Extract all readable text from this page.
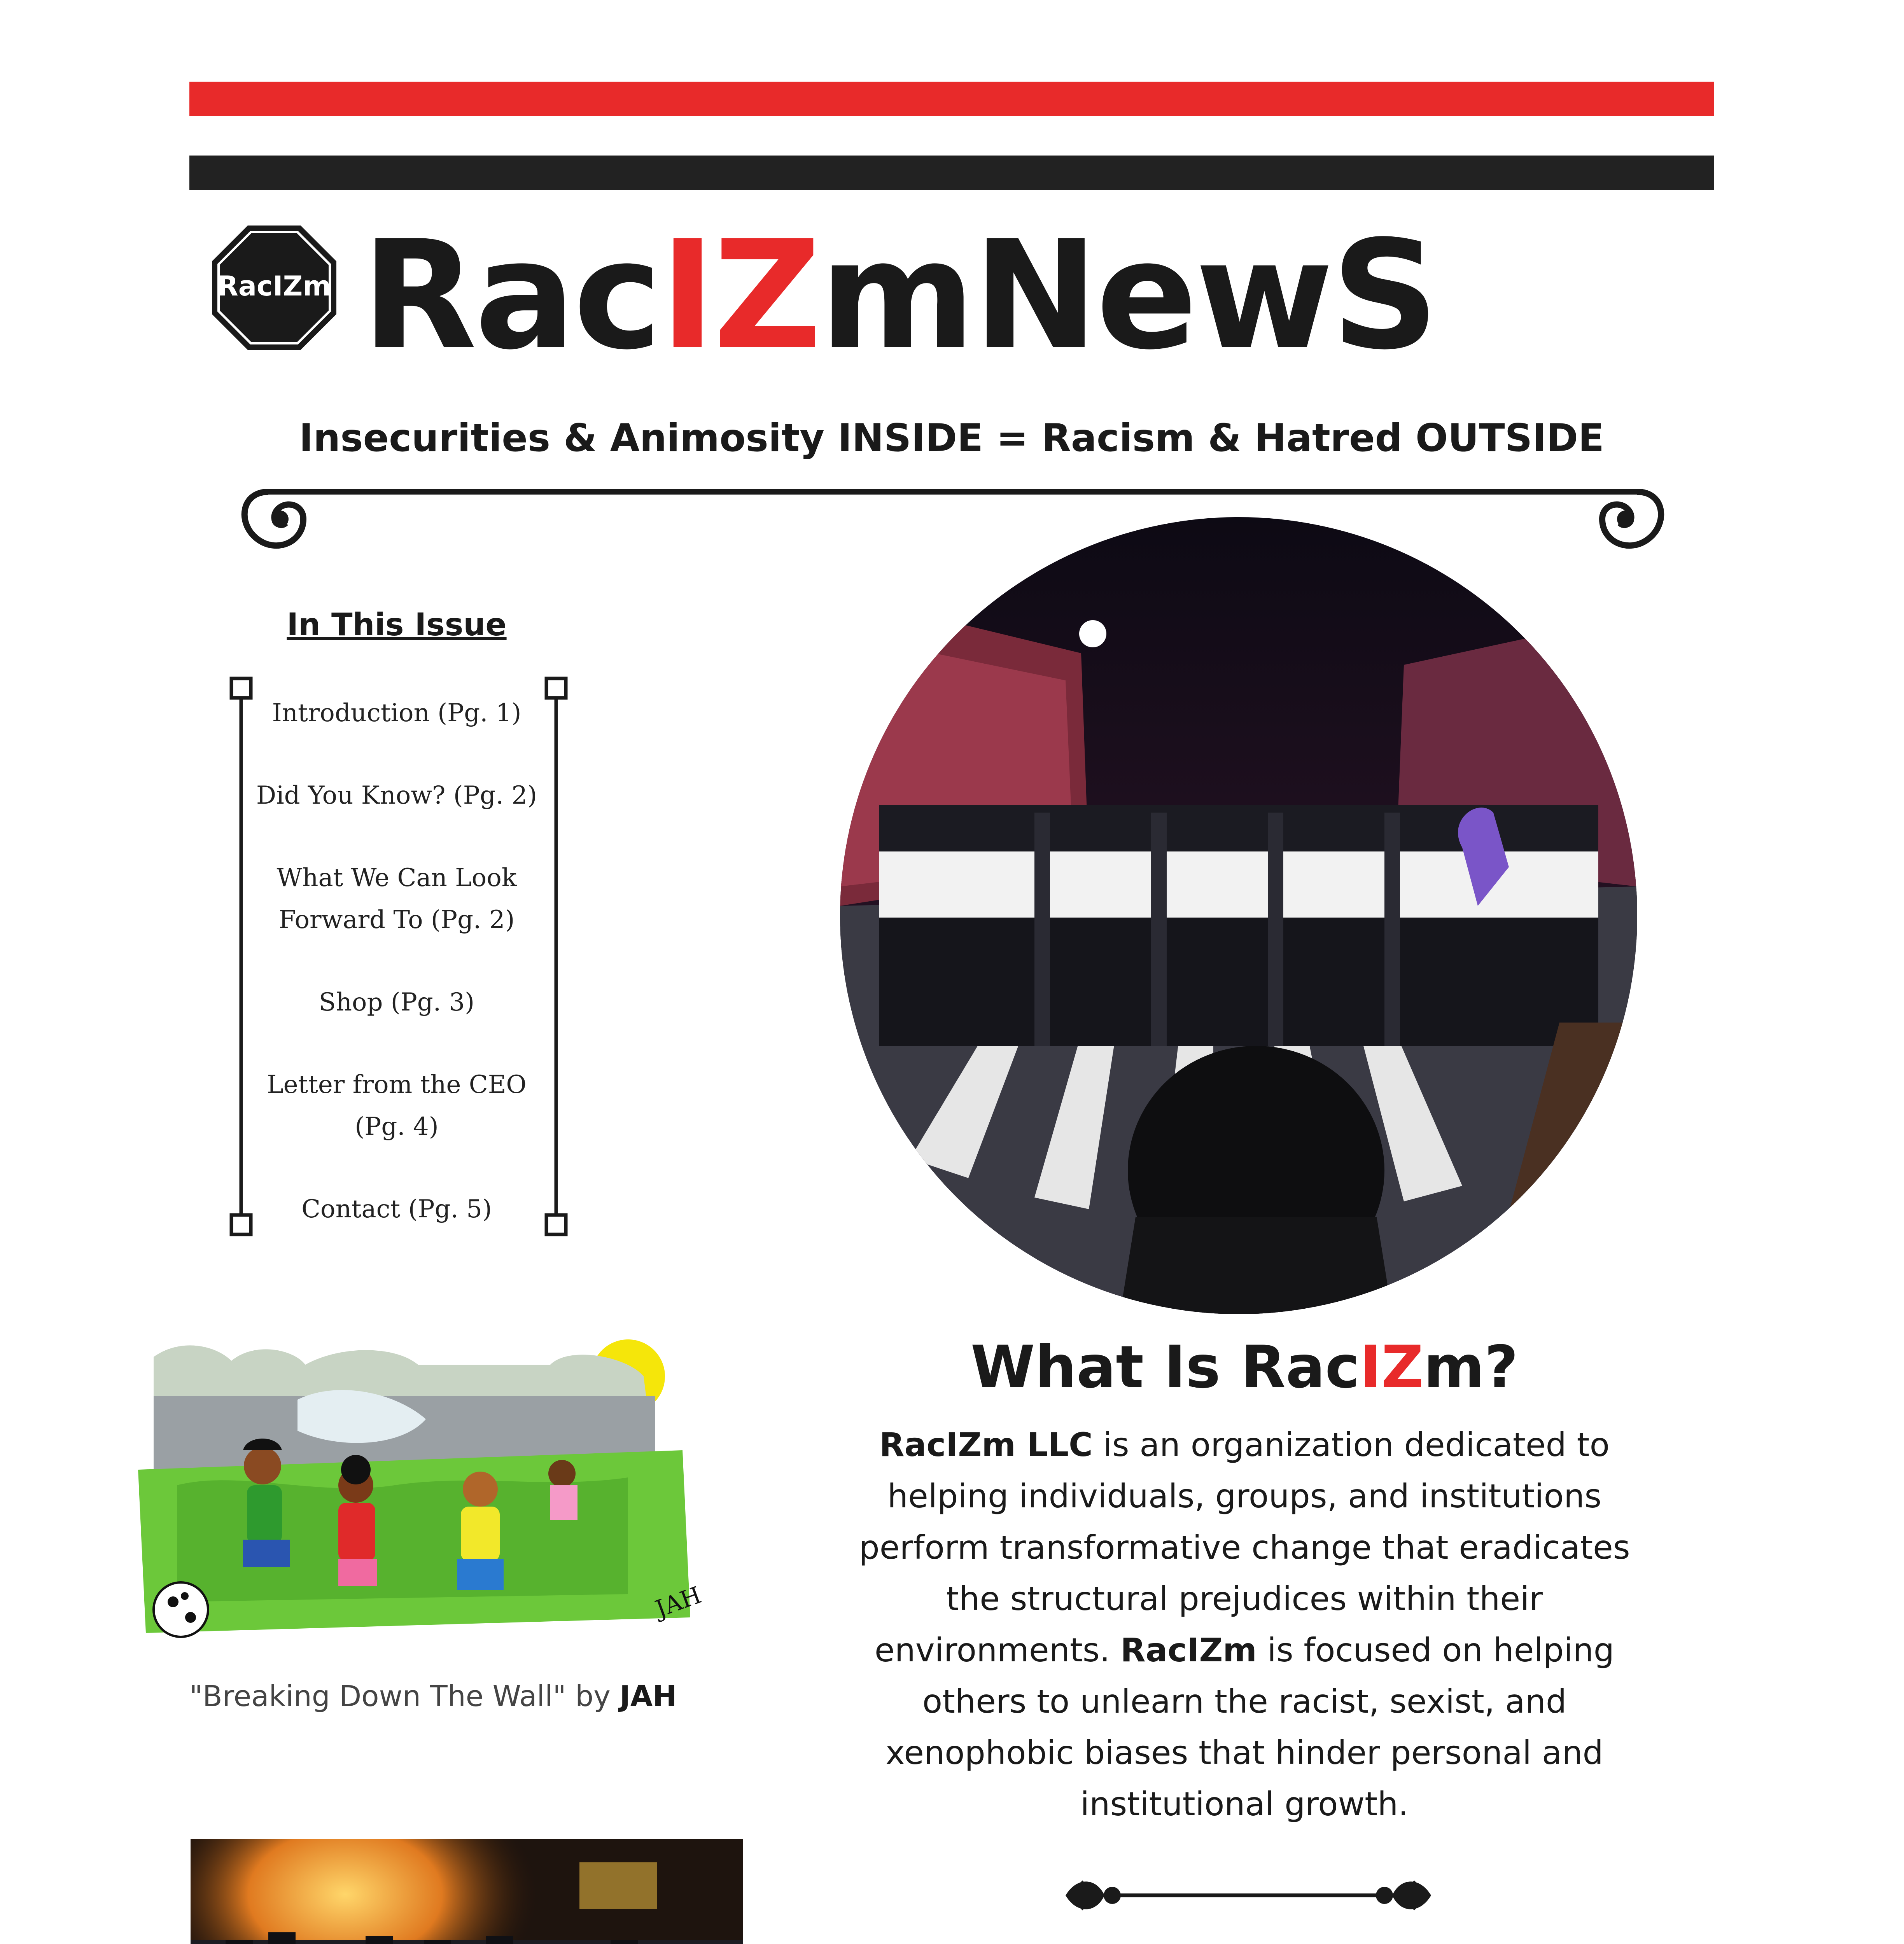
RacIZm RacIZmNewS
Insecurities & Animosity INSIDE = Racism & Hatred OUTSIDE
In This Issue
Introduction (Pg. 1)
Did You Know? (Pg. 2)
What We Can Look Forward To (Pg. 2)
Shop (Pg. 3)
Letter from the CEO (Pg. 4)
Contact (Pg. 5)
JAH
"Breaking Down The Wall" by JAH
What Is RacIZm?
RacIZm LLC is an organization dedicated to helping individuals, groups, and institutions perform transformative change that eradicates the structural prejudices within their environments. RacIZm is focused on helping others to unlearn the racist, sexist, and xenophobic biases that hinder personal and institutional growth.
